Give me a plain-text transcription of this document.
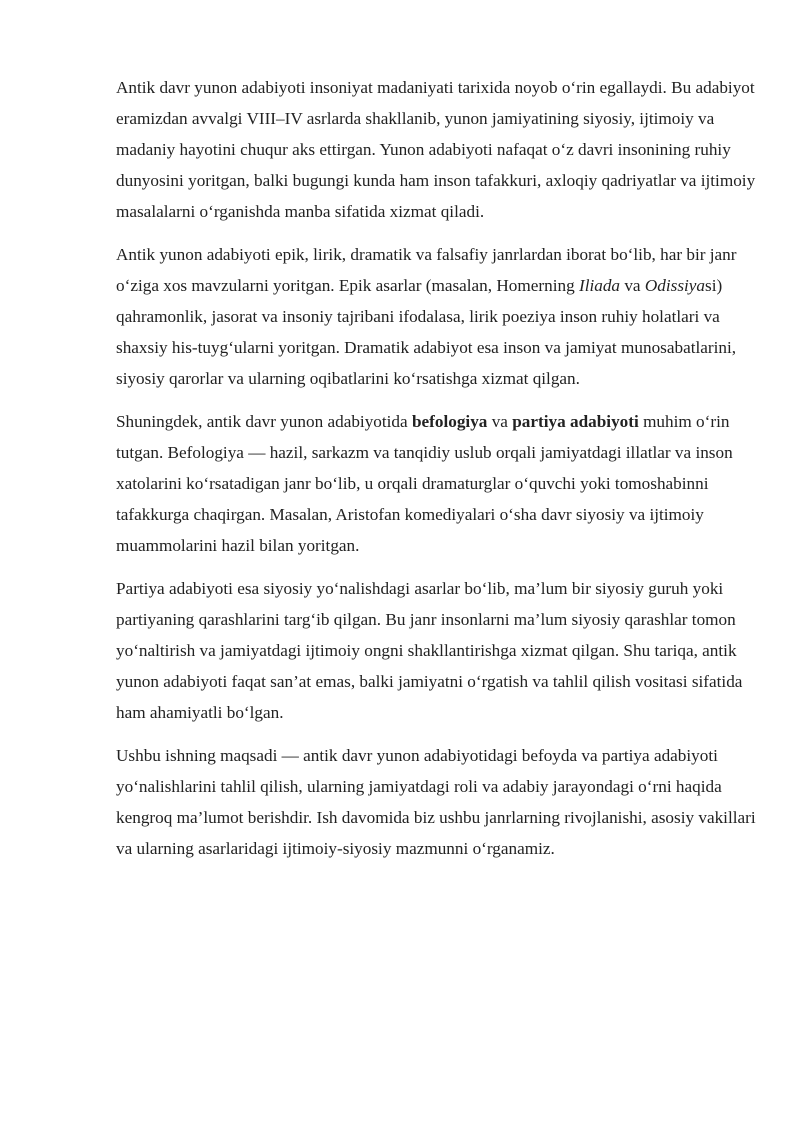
Antik davr yunon adabiyoti insoniyat madaniyati tarixida noyob o‘rin egallaydi. Bu adabiyot eramizdan avvalgi VIII–IV asrlarda shakllanib, yunon jamiyatining siyosiy, ijtimoiy va madaniy hayotini chuqur aks ettirgan. Yunon adabiyoti nafaqat o‘z davri insonining ruhiy dunyosini yoritgan, balki bugungi kunda ham inson tafakkuri, axloqiy qadriyatlar va ijtimoiy masalalarni o‘rganishda manba sifatida xizmat qiladi.

Antik yunon adabiyoti epik, lirik, dramatik va falsafiy janrlardan iborat bo‘lib, har bir janr o‘ziga xos mavzularni yoritgan. Epik asarlar (masalan, Homerning Iliada va Odissiyasi) qahramonlik, jasorat va insoniy tajribani ifodalasa, lirik poeziya inson ruhiy holatlari va shaxsiy his-tuyg‘ularni yoritgan. Dramatik adabiyot esa inson va jamiyat munosabatlarini, siyosiy qarorlar va ularning oqibatlarini ko‘rsatishga xizmat qilgan.

Shuningdek, antik davr yunon adabiyotida befologiya va partiya adabiyoti muhim o‘rin tutgan. Befologiya — hazil, sarkazm va tanqidiy uslub orqali jamiyatdagi illatlar va inson xatolarini ko‘rsatadigan janr bo‘lib, u orqali dramaturglar o‘quvchi yoki tomoshabinni tafakkurga chaqirgan. Masalan, Aristofan komediyalari o‘sha davr siyosiy va ijtimoiy muammolarini hazil bilan yoritgan.

Partiya adabiyoti esa siyosiy yo‘nalishdagi asarlar bo‘lib, ma’lum bir siyosiy guruh yoki partiyaning qarashlarini targ‘ib qilgan. Bu janr insonlarni ma’lum siyosiy qarashlar tomon yo‘naltirish va jamiyatdagi ijtimoiy ongni shakllantirishga xizmat qilgan. Shu tariqa, antik yunon adabiyoti faqat san’at emas, balki jamiyatni o‘rgatish va tahlil qilish vositasi sifatida ham ahamiyatli bo‘lgan.

Ushbu ishning maqsadi — antik davr yunon adabiyotidagi befoyda va partiya adabiyoti yo‘nalishlarini tahlil qilish, ularning jamiyatdagi roli va adabiy jarayondagi o‘rni haqida kengroq ma’lumot berishdir. Ish davomida biz ushbu janrlarning rivojlanishi, asosiy vakillari va ularning asarlaridagi ijtimoiy-siyosiy mazmunni o‘rganamiz.
